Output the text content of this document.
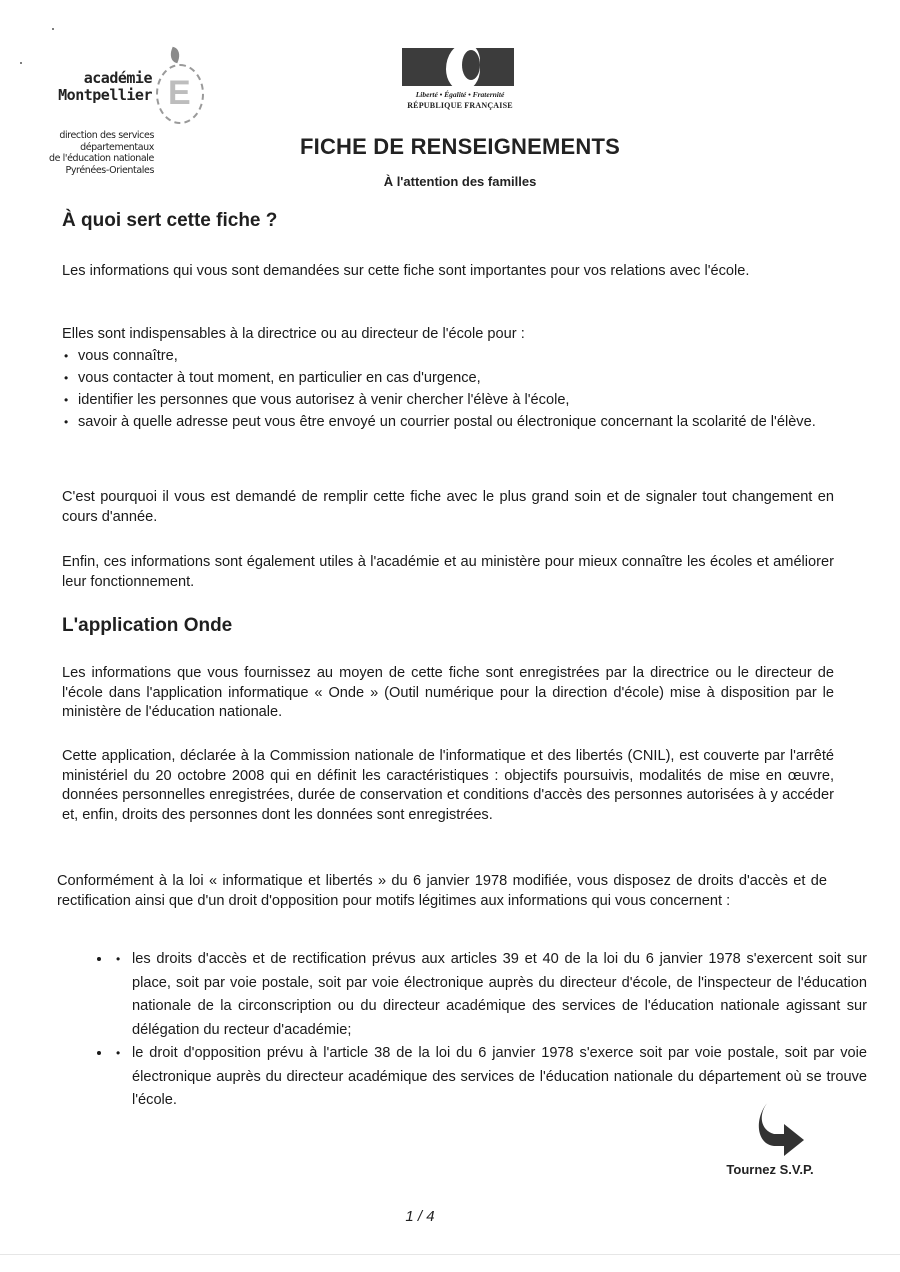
E
académie
Montpellier
direction des services
départementaux
de l'éducation nationale
Pyrénées-Orientales
Liberté • Égalité • Fraternité
RÉPUBLIQUE FRANÇAISE
FICHE DE RENSEIGNEMENTS
À l'attention des familles
À quoi sert cette fiche ?
Les informations qui vous sont demandées sur cette fiche sont importantes pour vos relations avec l'école.
Elles sont indispensables à la directrice ou au directeur de l'école pour :
• vous connaître,
• vous contacter à tout moment, en particulier en cas d'urgence,
• identifier les personnes que vous autorisez à venir chercher l'élève à l'école,
• savoir à quelle adresse peut vous être envoyé un courrier postal ou électronique concernant la scolarité de l'élève.
C'est pourquoi il vous est demandé de remplir cette fiche avec le plus grand soin et de signaler tout changement en cours d'année.
Enfin, ces informations sont également utiles à l'académie et au ministère pour mieux connaître les écoles et améliorer leur fonctionnement.
L'application Onde
Les informations que vous fournissez au moyen de cette fiche sont enregistrées par la directrice ou le directeur de l'école dans l'application informatique « Onde » (Outil numérique pour la direction d'école) mise à disposition par le ministère de l'éducation nationale.
Cette application, déclarée à la Commission nationale de l'informatique et des libertés (CNIL), est couverte par l'arrêté ministériel du 20 octobre 2008 qui en définit les caractéristiques : objectifs poursuivis, modalités de mise en œuvre, données personnelles enregistrées, durée de conservation et conditions d'accès des personnes autorisées à y accéder et, enfin, droits des personnes dont les données sont enregistrées.
Conformément à la loi « informatique et libertés » du 6 janvier 1978 modifiée, vous disposez de droits d'accès et de rectification ainsi que d'un droit d'opposition pour motifs légitimes aux informations qui vous concernent :
• • les droits d'accès et de rectification prévus aux articles 39 et 40 de la loi du 6 janvier 1978 s'exercent soit sur place, soit par voie postale, soit par voie électronique auprès du directeur d'école, de l'inspecteur de l'éducation nationale de la circonscription ou du directeur académique des services de l'éducation nationale agissant sur délégation du recteur d'académie;
• • le droit d'opposition prévu à l'article 38 de la loi du 6 janvier 1978 s'exerce soit par voie postale, soit par voie électronique auprès du directeur académique des services de l'éducation nationale du département où se trouve l'école.
Tournez S.V.P.
1 / 4
